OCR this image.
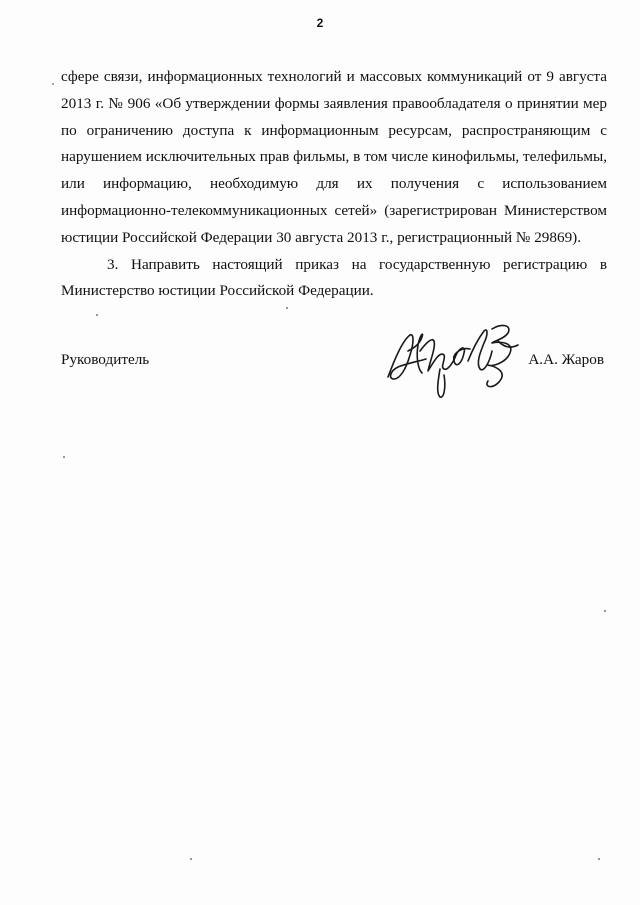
2

сфере связи, информационных технологий и массовых коммуникаций от 9 августа
2013 г. № 906 «Об утверждении формы заявления правообладателя о принятии мер
по ограничению доступа к информационным ресурсам, распространяющим с
нарушением исключительных прав фильмы, в том числе кинофильмы, телефильмы,
или информацию, необходимую для их получения с использованием
информационно-телекоммуникационных сетей» (зарегистрирован Министерством
юстиции Российской Федерации 30 августа 2013 г., регистрационный № 29869).

3. Направить настоящий приказ на государственную регистрацию в
Министерство юстиции Российской Федерации.

Руководитель	А.А. Жаров
